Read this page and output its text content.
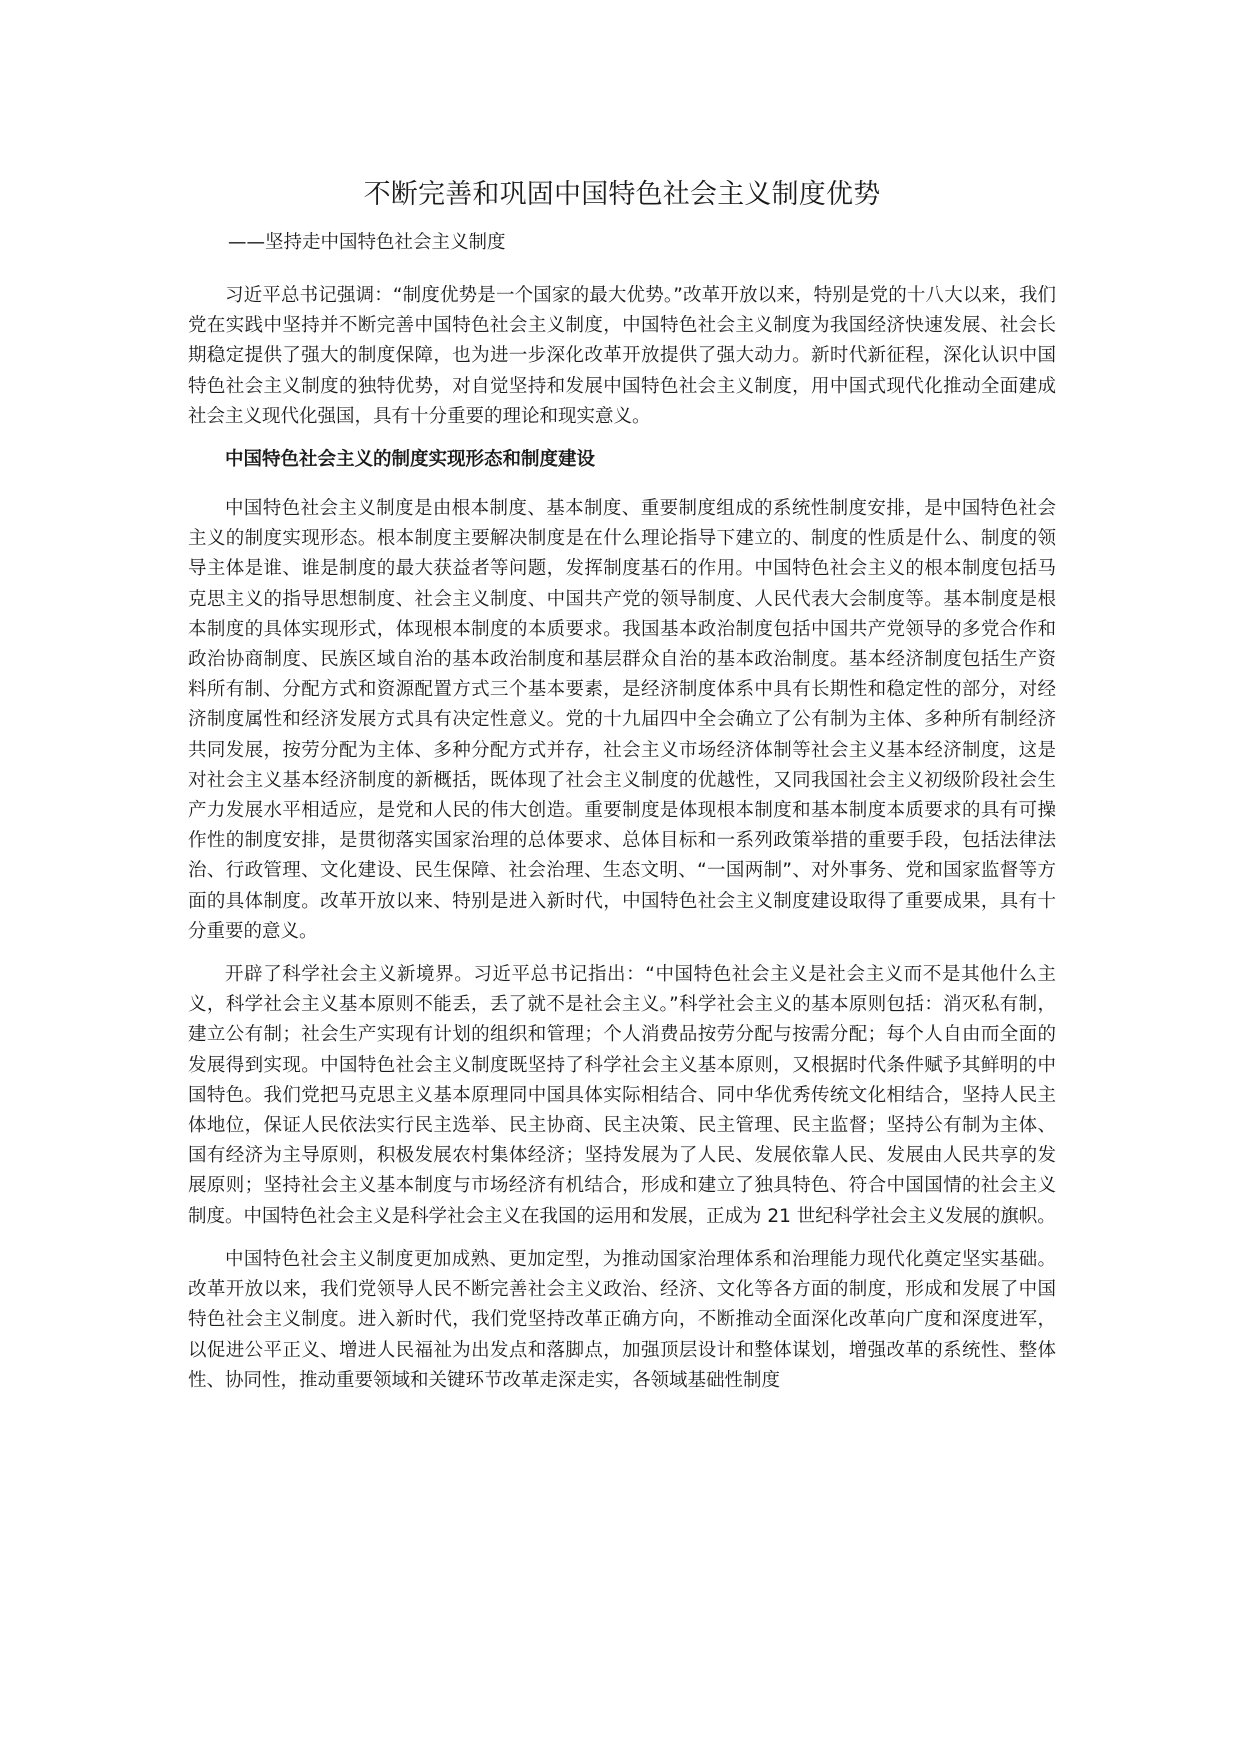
不断完善和巩固中国特色社会主义制度优势

——坚持走中国特色社会主义制度

习近平总书记强调：“制度优势是一个国家的最大优势。”改革开放以来，特别是党的十八大以来，我们党在实践中坚持并不断完善中国特色社会主义制度，中国特色社会主义制度为我国经济快速发展、社会长期稳定提供了强大的制度保障，也为进一步深化改革开放提供了强大动力。新时代新征程，深化认识中国特色社会主义制度的独特优势，对自觉坚持和发展中国特色社会主义制度，用中国式现代化推动全面建成社会主义现代化强国，具有十分重要的理论和现实意义。

中国特色社会主义的制度实现形态和制度建设

中国特色社会主义制度是由根本制度、基本制度、重要制度组成的系统性制度安排，是中国特色社会主义的制度实现形态。根本制度主要解决制度是在什么理论指导下建立的、制度的性质是什么、制度的领导主体是谁、谁是制度的最大获益者等问题，发挥制度基石的作用。中国特色社会主义的根本制度包括马克思主义的指导思想制度、社会主义制度、中国共产党的领导制度、人民代表大会制度等。基本制度是根本制度的具体实现形式，体现根本制度的本质要求。我国基本政治制度包括中国共产党领导的多党合作和政治协商制度、民族区域自治的基本政治制度和基层群众自治的基本政治制度。基本经济制度包括生产资料所有制、分配方式和资源配置方式三个基本要素，是经济制度体系中具有长期性和稳定性的部分，对经济制度属性和经济发展方式具有决定性意义。党的十九届四中全会确立了公有制为主体、多种所有制经济共同发展，按劳分配为主体、多种分配方式并存，社会主义市场经济体制等社会主义基本经济制度，这是对社会主义基本经济制度的新概括，既体现了社会主义制度的优越性，又同我国社会主义初级阶段社会生产力发展水平相适应，是党和人民的伟大创造。重要制度是体现根本制度和基本制度本质要求的具有可操作性的制度安排，是贯彻落实国家治理的总体要求、总体目标和一系列政策举措的重要手段，包括法律法治、行政管理、文化建设、民生保障、社会治理、生态文明、“一国两制”、对外事务、党和国家监督等方面的具体制度。改革开放以来、特别是进入新时代，中国特色社会主义制度建设取得了重要成果，具有十分重要的意义。

开辟了科学社会主义新境界。习近平总书记指出：“中国特色社会主义是社会主义而不是其他什么主义，科学社会主义基本原则不能丢，丢了就不是社会主义。”科学社会主义的基本原则包括：消灭私有制，建立公有制；社会生产实现有计划的组织和管理；个人消费品按劳分配与按需分配；每个人自由而全面的发展得到实现。中国特色社会主义制度既坚持了科学社会主义基本原则，又根据时代条件赋予其鲜明的中国特色。我们党把马克思主义基本原理同中国具体实际相结合、同中华优秀传统文化相结合，坚持人民主体地位，保证人民依法实行民主选举、民主协商、民主决策、民主管理、民主监督；坚持公有制为主体、国有经济为主导原则，积极发展农村集体经济；坚持发展为了人民、发展依靠人民、发展由人民共享的发展原则；坚持社会主义基本制度与市场经济有机结合，形成和建立了独具特色、符合中国国情的社会主义制度。中国特色社会主义是科学社会主义在我国的运用和发展，正成为 21 世纪科学社会主义发展的旗帜。

中国特色社会主义制度更加成熟、更加定型，为推动国家治理体系和治理能力现代化奠定坚实基础。改革开放以来，我们党领导人民不断完善社会主义政治、经济、文化等各方面的制度，形成和发展了中国特色社会主义制度。进入新时代，我们党坚持改革正确方向，不断推动全面深化改革向广度和深度进军，以促进公平正义、增进人民福祉为出发点和落脚点，加强顶层设计和整体谋划，增强改革的系统性、整体性、协同性，推动重要领域和关键环节改革走深走实，各领域基础性制度
